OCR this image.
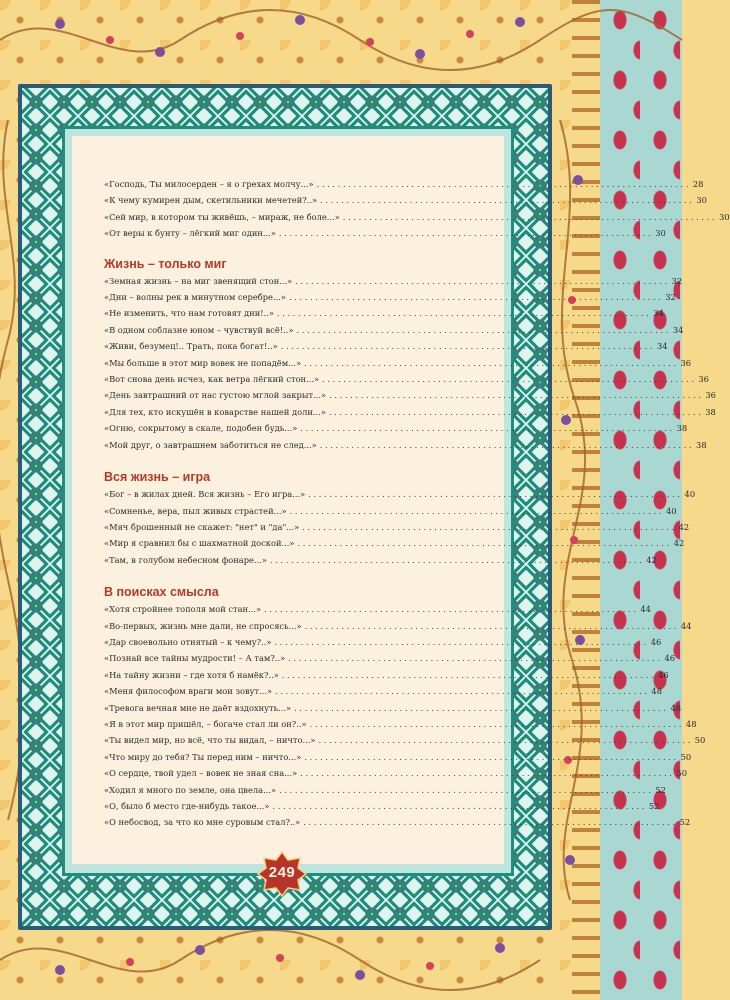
«Господь, Ты милосерден – я о грехах молчу...» . . .	28
«К чему кумирен дым, скетильники мечетей?..» . . .	30
«Сей мир, в котором ты живёшь, – мираж, не боле...» . . .	30
«От веры к бунту – лёгкий миг один...» . . .	30
Жизнь – только миг
«Земная жизнь – на миг звенящий стон...» . . .	32
«Дни – волны рек в минутном серебре...» . . .	32
«Не изменить, что нам готовят дни!..» . . .	34
«В одном соблазне юном – чувствуй всё!..» . . .	34
«Живи, безумец!.. Трать, пока богат!..» . . .	34
«Мы больше в этот мир вовек не попадём...» . . .	36
«Вот снова день исчез, как ветра лёгкий стон...» . . .	36
«День завтрашний от нас густою мглой закрыт...» . . .	36
«Для тех, кто искушён в коварстве нашей доли...» . . .	38
«Огню, сокрытому в скале, подобен будь...» . . .	38
«Мой друг, о завтрашнем заботиться не след...» . . .	38
Вся жизнь – игра
«Бог – в жилах дней. Вся жизнь – Его игра...» . . .	40
«Сомненье, вера, пыл живых страстей...» . . .	40
«Мяч брошенный не скажет: "нет" и "да"...» . . .	42
«Мир я сравнил бы с шахматной доской...» . . .	42
«Там, в голубом небесном фонаре...» . . .	42
В поисках смысла
«Хотя стройнее тополя мой стан...» . . .	44
«Во-первых, жизнь мне дали, не спросясь...» . . .	44
«Дар своевольно отнятый – к чему?..» . . .	46
«Познай все тайны мудрости! – А там?..» . . .	46
«На тайну жизни – где хотя б намёк?..» . . .	46
«Меня философом враги мои зовут...» . . .	48
«Тревога вечная мне не даёт вздохнуть...» . . .	48
«Я в этот мир пришёл, – богаче стал ли он?..» . . .	48
«Ты видел мир, но всё, что ты видал, – ничто...» . . .	50
«Что миру до тебя? Ты перед ним – ничто...» . . .	50
«О сердце, твой удел – вовек не зная сна...» . . .	50
«Ходил я много по земле, она цвела...» . . .	52
«О, было б место где-нибудь такое...» . . .	52
«О небосвод, за что ко мне суровым стал?..» . . .	52
249
